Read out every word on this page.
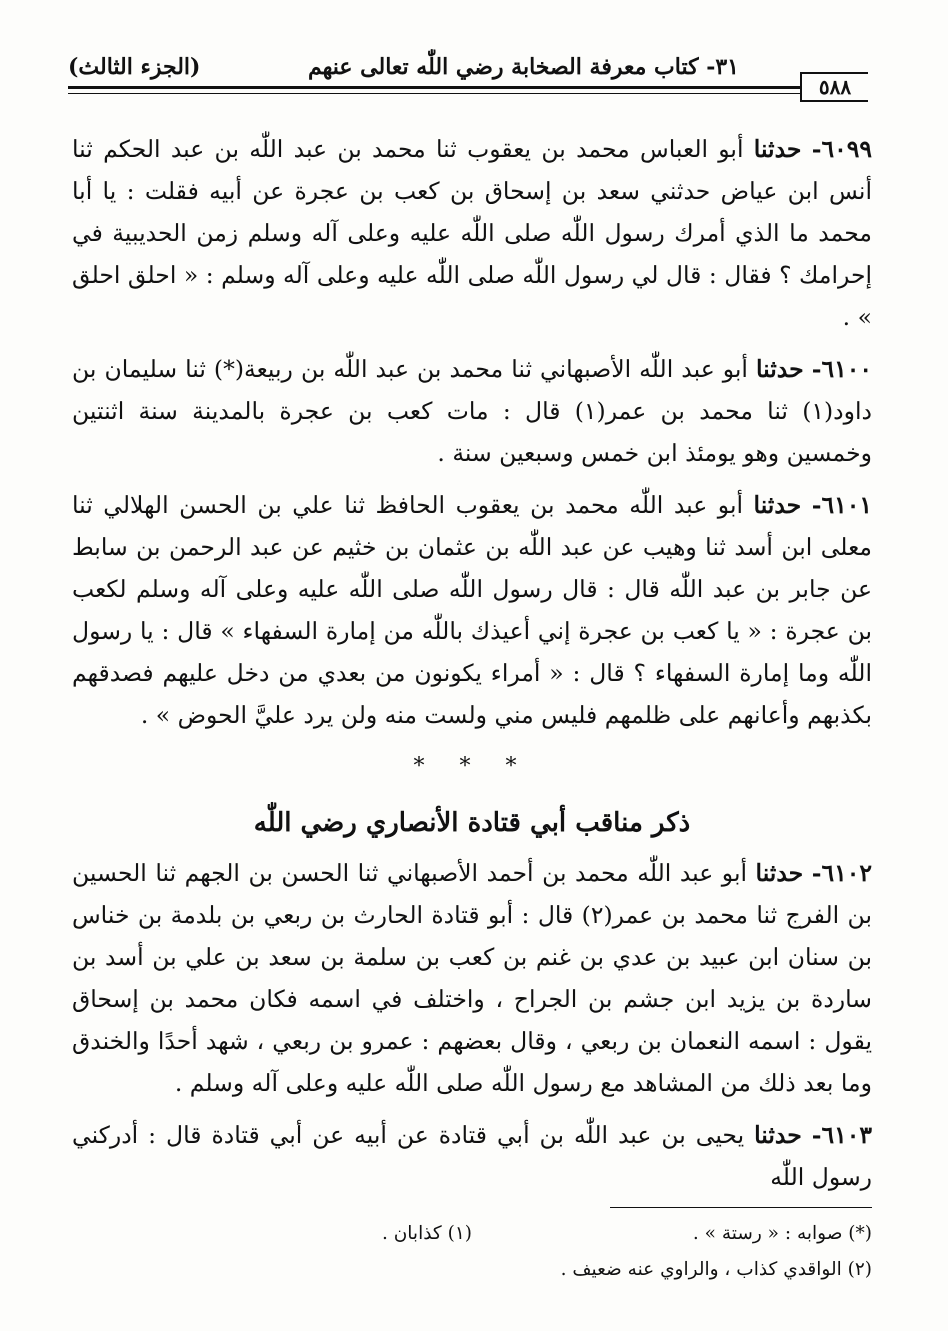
٣١- كتاب معرفة الصخابة رضي اللّٰه تعالى عنهم
(الجزء الثالث)
٥٨٨

٦٠٩٩- حدثنا أبو العباس محمد بن يعقوب ثنا محمد بن عبد اللّٰه بن عبد الحكم ثنا أنس ابن عياض حدثني سعد بن إسحاق بن كعب بن عجرة عن أبيه فقلت : يا أبا محمد ما الذي أمرك رسول اللّٰه صلى اللّٰه عليه وعلى آله وسلم زمن الحديبية في إحرامك ؟ فقال : قال لي رسول اللّٰه صلى اللّٰه عليه وعلى آله وسلم : « احلق احلق » .

٦١٠٠- حدثنا أبو عبد اللّٰه الأصبهاني ثنا محمد بن عبد اللّٰه بن ربيعة(*) ثنا سليمان بن داود(١) ثنا محمد بن عمر(١) قال : مات كعب بن عجرة بالمدينة سنة اثنتين وخمسين وهو يومئذ ابن خمس وسبعين سنة .

٦١٠١- حدثنا أبو عبد اللّٰه محمد بن يعقوب الحافظ ثنا علي بن الحسن الهلالي ثنا معلى ابن أسد ثنا وهيب عن عبد اللّٰه بن عثمان بن خثيم عن عبد الرحمن بن سابط عن جابر بن عبد اللّٰه قال : قال رسول اللّٰه صلى اللّٰه عليه وعلى آله وسلم لكعب بن عجرة : « يا كعب بن عجرة إني أعيذك باللّٰه من إمارة السفهاء » قال : يا رسول اللّٰه وما إمارة السفهاء ؟ قال : « أمراء يكونون من بعدي من دخل عليهم فصدقهم بكذبهم وأعانهم على ظلمهم فليس مني ولست منه ولن يرد عليَّ الحوض » .

* * *
ذكر مناقب أبي قتادة الأنصاري رضي اللّٰه

٦١٠٢- حدثنا أبو عبد اللّٰه محمد بن أحمد الأصبهاني ثنا الحسن بن الجهم ثنا الحسين بن الفرج ثنا محمد بن عمر(٢) قال : أبو قتادة الحارث بن ربعي بن بلدمة بن خناس بن سنان ابن عبيد بن عدي بن غنم بن كعب بن سلمة بن سعد بن علي بن أسد بن ساردة بن يزيد ابن جشم بن الجراح ، واختلف في اسمه فكان محمد بن إسحاق يقول : اسمه النعمان بن ربعي ، وقال بعضهم : عمرو بن ربعي ، شهد أحدًا والخندق وما بعد ذلك من المشاهد مع رسول اللّٰه صلى اللّٰه عليه وعلى آله وسلم .

٦١٠٣- حدثنا يحيى بن عبد اللّٰه بن أبي قتادة عن أبيه عن أبي قتادة قال : أدركني رسول اللّٰه

(*) صوابه : « رستة » .
(١) كذابان .
(٢) الواقدي كذاب ، والراوي عنه ضعيف .
